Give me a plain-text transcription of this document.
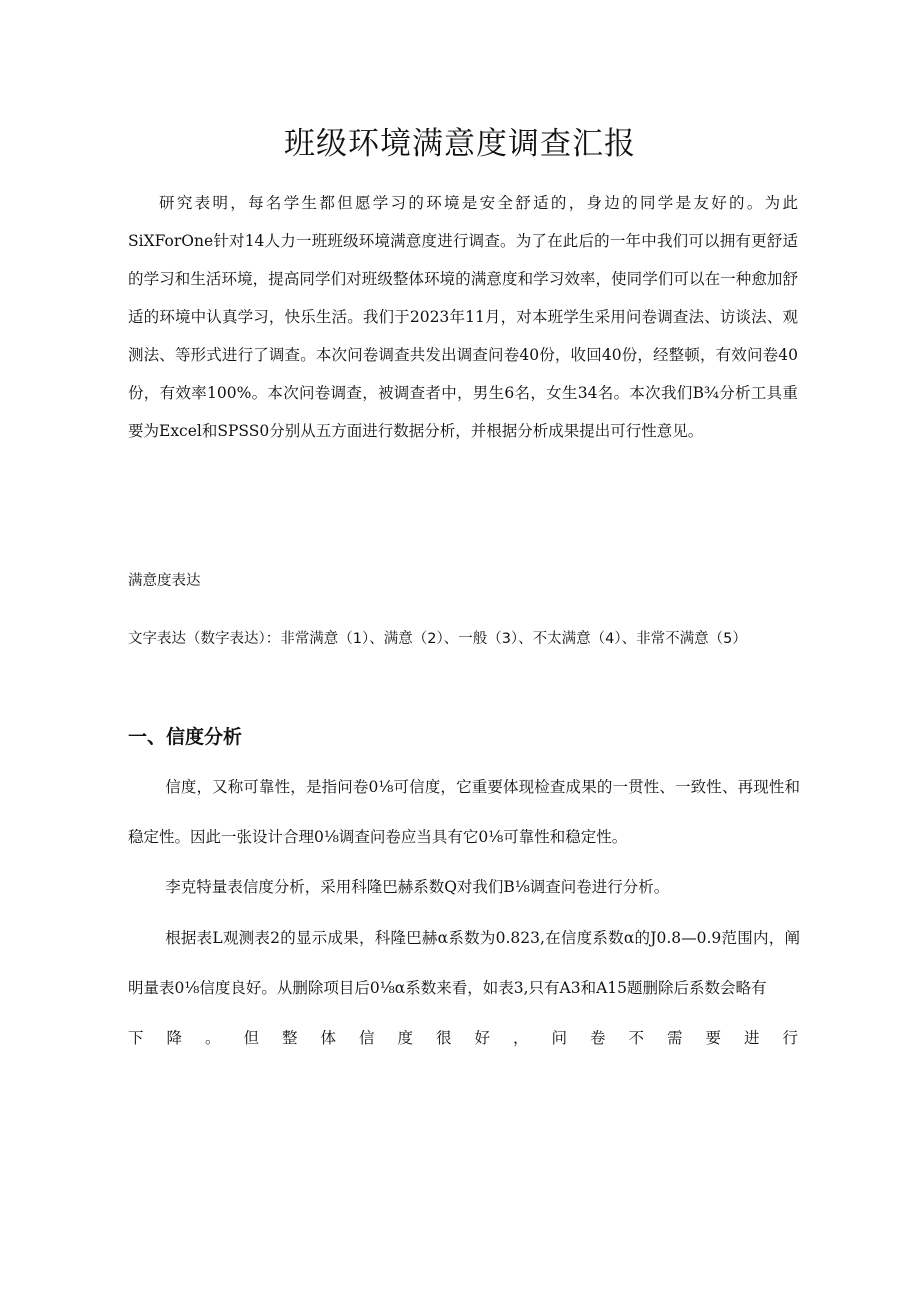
班级环境满意度调查汇报

研究表明，每名学生都但愿学习的环境是安全舒适的，身边的同学是友好的。为此SiXForOne针对14人力一班班级环境满意度进行调查。为了在此后的一年中我们可以拥有更舒适的学习和生活环境，提高同学们对班级整体环境的满意度和学习效率，使同学们可以在一种愈加舒适的环境中认真学习，快乐生活。我们于2023年11月，对本班学生采用问卷调查法、访谈法、观测法、等形式进行了调查。本次问卷调查共发出调查问卷40份，收回40份，经整顿，有效问卷40份，有效率100%。本次问卷调查，被调查者中，男生6名，女生34名。本次我们B¾分析工具重要为Excel和SPSS0分别从五方面进行数据分析，并根据分析成果提出可行性意见。

满意度表达

文字表达（数字表达）：非常满意（1）、满意（2）、一般（3）、不太满意（4）、非常不满意（5）

一、信度分析

信度，又称可靠性，是指问卷0⅛可信度，它重要体现检查成果的一贯性、一致性、再现性和稳定性。因此一张设计合理0⅛调查问卷应当具有它0⅛可靠性和稳定性。

李克特量表信度分析，采用科隆巴赫系数Q对我们B⅛调查问卷进行分析。

根据表L观测表2的显示成果，科隆巴赫α系数为0.823,在信度系数α的J0.8—0.9范围内，阐明量表0⅛信度良好。从删除项目后0⅛α系数来看，如表3,只有A3和A15题删除后系数会略有

下降。但整体信度很好，问卷不需要进行
